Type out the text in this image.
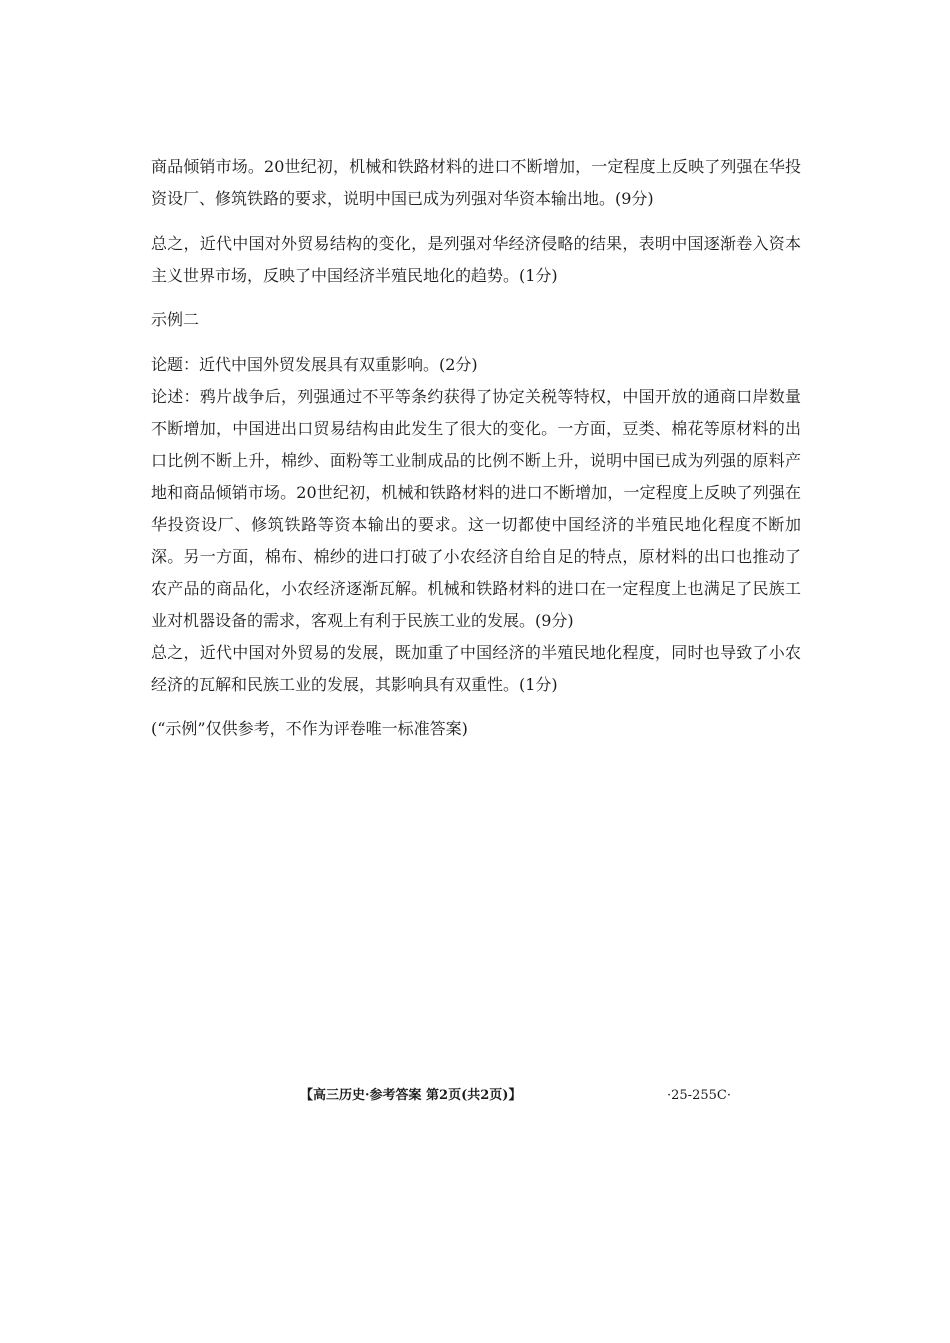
商品倾销市场。20世纪初，机械和铁路材料的进口不断增加，一定程度上反映了列强在华投
资设厂、修筑铁路的要求，说明中国已成为列强对华资本输出地。(9分)
总之，近代中国对外贸易结构的变化，是列强对华经济侵略的结果，表明中国逐渐卷入资本
主义世界市场，反映了中国经济半殖民地化的趋势。(1分)
示例二
论题：近代中国外贸发展具有双重影响。(2分)
论述：鸦片战争后，列强通过不平等条约获得了协定关税等特权，中国开放的通商口岸数量
不断增加，中国进出口贸易结构由此发生了很大的变化。一方面，豆类、棉花等原材料的出
口比例不断上升，棉纱、面粉等工业制成品的比例不断上升，说明中国已成为列强的原料产
地和商品倾销市场。20世纪初，机械和铁路材料的进口不断增加，一定程度上反映了列强在
华投资设厂、修筑铁路等资本输出的要求。这一切都使中国经济的半殖民地化程度不断加
深。另一方面，棉布、棉纱的进口打破了小农经济自给自足的特点，原材料的出口也推动了
农产品的商品化，小农经济逐渐瓦解。机械和铁路材料的进口在一定程度上也满足了民族工
业对机器设备的需求，客观上有利于民族工业的发展。(9分)
总之，近代中国对外贸易的发展，既加重了中国经济的半殖民地化程度，同时也导致了小农
经济的瓦解和民族工业的发展，其影响具有双重性。(1分)
(“示例”仅供参考，不作为评卷唯一标准答案)
【高三历史·参考答案 第2页(共2页)】	·25-255C·
